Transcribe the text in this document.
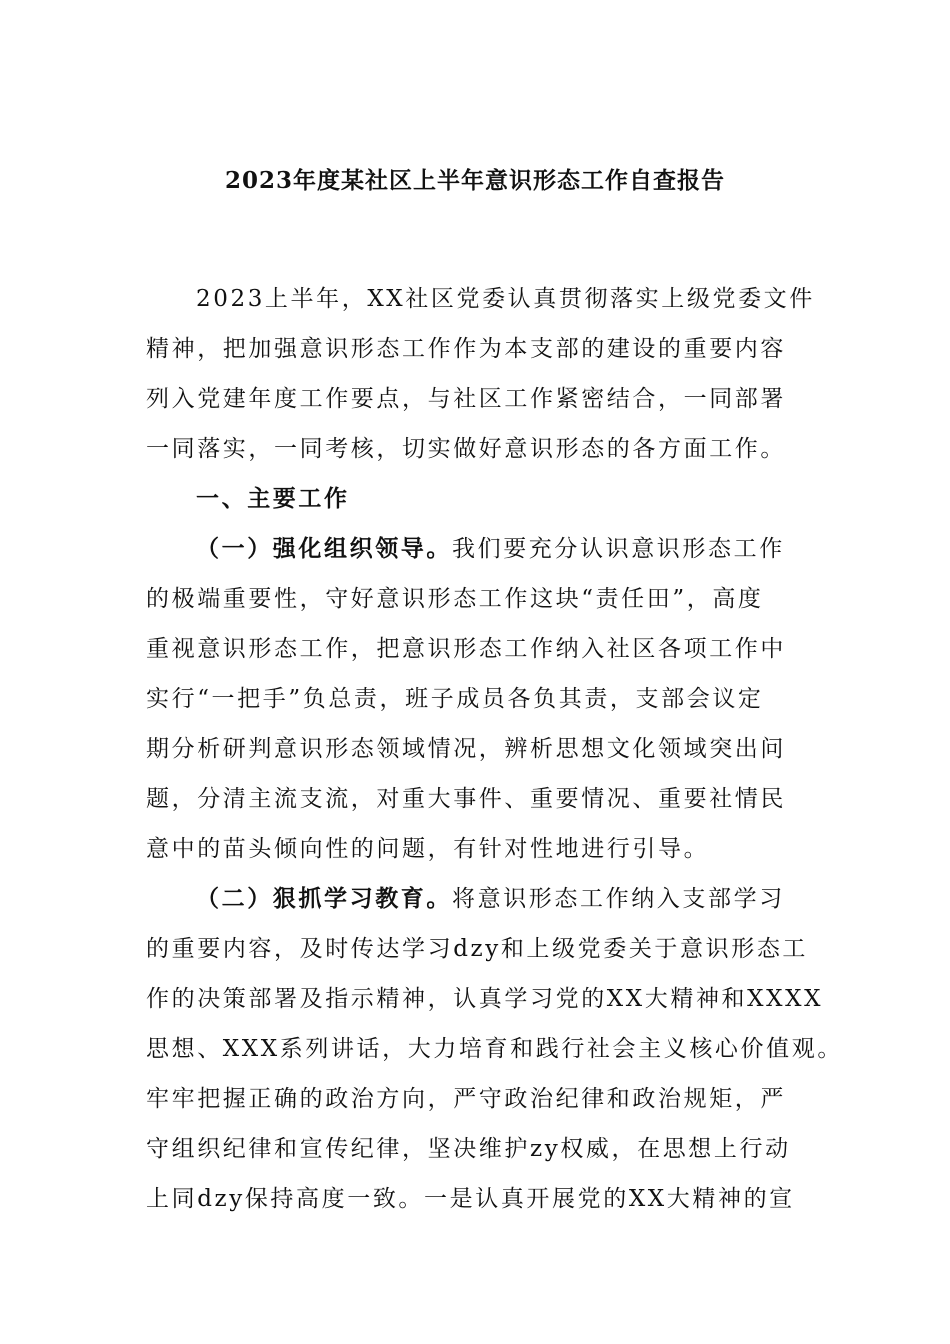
2023年度某社区上半年意识形态工作自查报告
2023上半年，XX社区党委认真贯彻落实上级党委文件
精神，把加强意识形态工作作为本支部的建设的重要内容
列入党建年度工作要点，与社区工作紧密结合，一同部署
一同落实，一同考核，切实做好意识形态的各方面工作。
一、主要工作
（一）强化组织领导。我们要充分认识意识形态工作
的极端重要性，守好意识形态工作这块“责任田”，高度
重视意识形态工作，把意识形态工作纳入社区各项工作中
实行“一把手”负总责，班子成员各负其责，支部会议定
期分析研判意识形态领域情况，辨析思想文化领域突出问
题，分清主流支流，对重大事件、重要情况、重要社情民
意中的苗头倾向性的问题，有针对性地进行引导。
（二）狠抓学习教育。将意识形态工作纳入支部学习
的重要内容，及时传达学习dzy和上级党委关于意识形态工
作的决策部署及指示精神，认真学习党的XX大精神和XXXX
思想、XXX系列讲话，大力培育和践行社会主义核心价值观。
牢牢把握正确的政治方向，严守政治纪律和政治规矩，严
守组织纪律和宣传纪律，坚决维护zy权威，在思想上行动
上同dzy保持高度一致。一是认真开展党的XX大精神的宣
